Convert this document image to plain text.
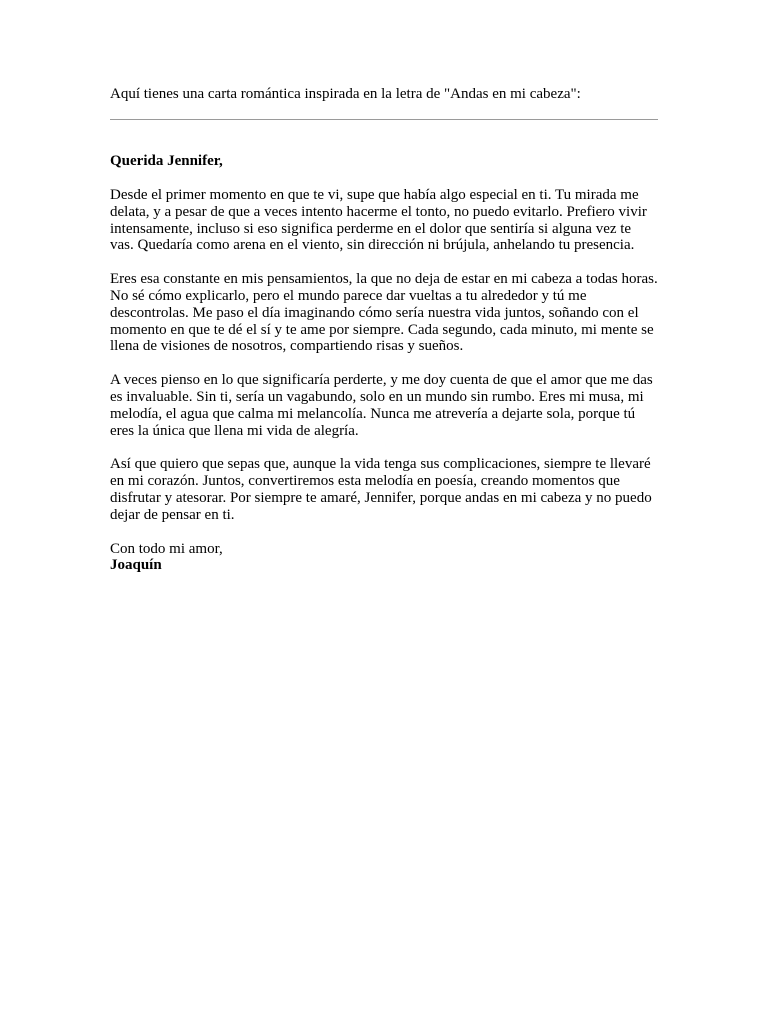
Aquí tienes una carta romántica inspirada en la letra de "Andas en mi cabeza":

Querida Jennifer,

Desde el primer momento en que te vi, supe que había algo especial en ti. Tu mirada me delata, y a pesar de que a veces intento hacerme el tonto, no puedo evitarlo. Prefiero vivir intensamente, incluso si eso significa perderme en el dolor que sentiría si alguna vez te vas. Quedaría como arena en el viento, sin dirección ni brújula, anhelando tu presencia.

Eres esa constante en mis pensamientos, la que no deja de estar en mi cabeza a todas horas. No sé cómo explicarlo, pero el mundo parece dar vueltas a tu alrededor y tú me descontrolas. Me paso el día imaginando cómo sería nuestra vida juntos, soñando con el momento en que te dé el sí y te ame por siempre. Cada segundo, cada minuto, mi mente se llena de visiones de nosotros, compartiendo risas y sueños.

A veces pienso en lo que significaría perderte, y me doy cuenta de que el amor que me das es invaluable. Sin ti, sería un vagabundo, solo en un mundo sin rumbo. Eres mi musa, mi melodía, el agua que calma mi melancolía. Nunca me atrevería a dejarte sola, porque tú eres la única que llena mi vida de alegría.

Así que quiero que sepas que, aunque la vida tenga sus complicaciones, siempre te llevaré en mi corazón. Juntos, convertiremos esta melodía en poesía, creando momentos que disfrutar y atesorar. Por siempre te amaré, Jennifer, porque andas en mi cabeza y no puedo dejar de pensar en ti.

Con todo mi amor,

Joaquín
